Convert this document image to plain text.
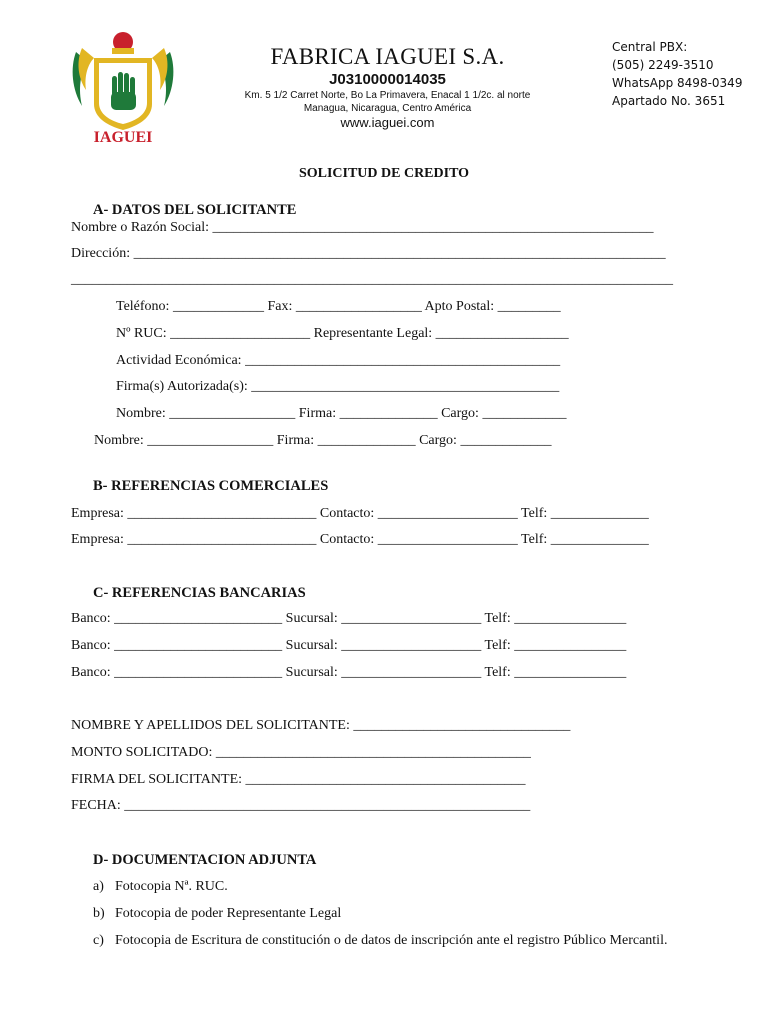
IAGUEI
FABRICA IAGUEI S.A.
J0310000014035
Km. 5 1/2 Carret Norte, Bo La Primavera, Enacal 1 1/2c. al norte
Managua, Nicaragua, Centro América
www.iaguei.com
Central PBX:
(505) 2249-3510
WhatsApp 8498-0349
Apartado No. 3651
SOLICITUD DE CREDITO
A- DATOS DEL SOLICITANTE
Nombre o Razón Social: _______________________________________________________________
Dirección: ____________________________________________________________________________
______________________________________________________________________________________
Teléfono: _____________ Fax: __________________ Apto Postal: _________
Nº RUC: ____________________ Representante Legal: ___________________
Actividad Económica: _____________________________________________
Firma(s) Autorizada(s): ____________________________________________
Nombre: __________________ Firma: ______________ Cargo: ____________
Nombre: __________________ Firma: ______________ Cargo: _____________
B- REFERENCIAS COMERCIALES
Empresa: ___________________________ Contacto: ____________________ Telf: ______________
Empresa: ___________________________ Contacto: ____________________ Telf: ______________
C- REFERENCIAS BANCARIAS
Banco: ________________________ Sucursal: ____________________ Telf: ________________
Banco: ________________________ Sucursal: ____________________ Telf: ________________
Banco: ________________________ Sucursal: ____________________ Telf: ________________
NOMBRE Y APELLIDOS DEL SOLICITANTE: _______________________________
MONTO SOLICITADO: _____________________________________________
FIRMA DEL SOLICITANTE: ________________________________________
FECHA: __________________________________________________________
D- DOCUMENTACION ADJUNTA
a) Fotocopia Nª. RUC.
b) Fotocopia de poder Representante Legal
c) Fotocopia de Escritura de constitución o de datos de inscripción ante el registro Público Mercantil.
